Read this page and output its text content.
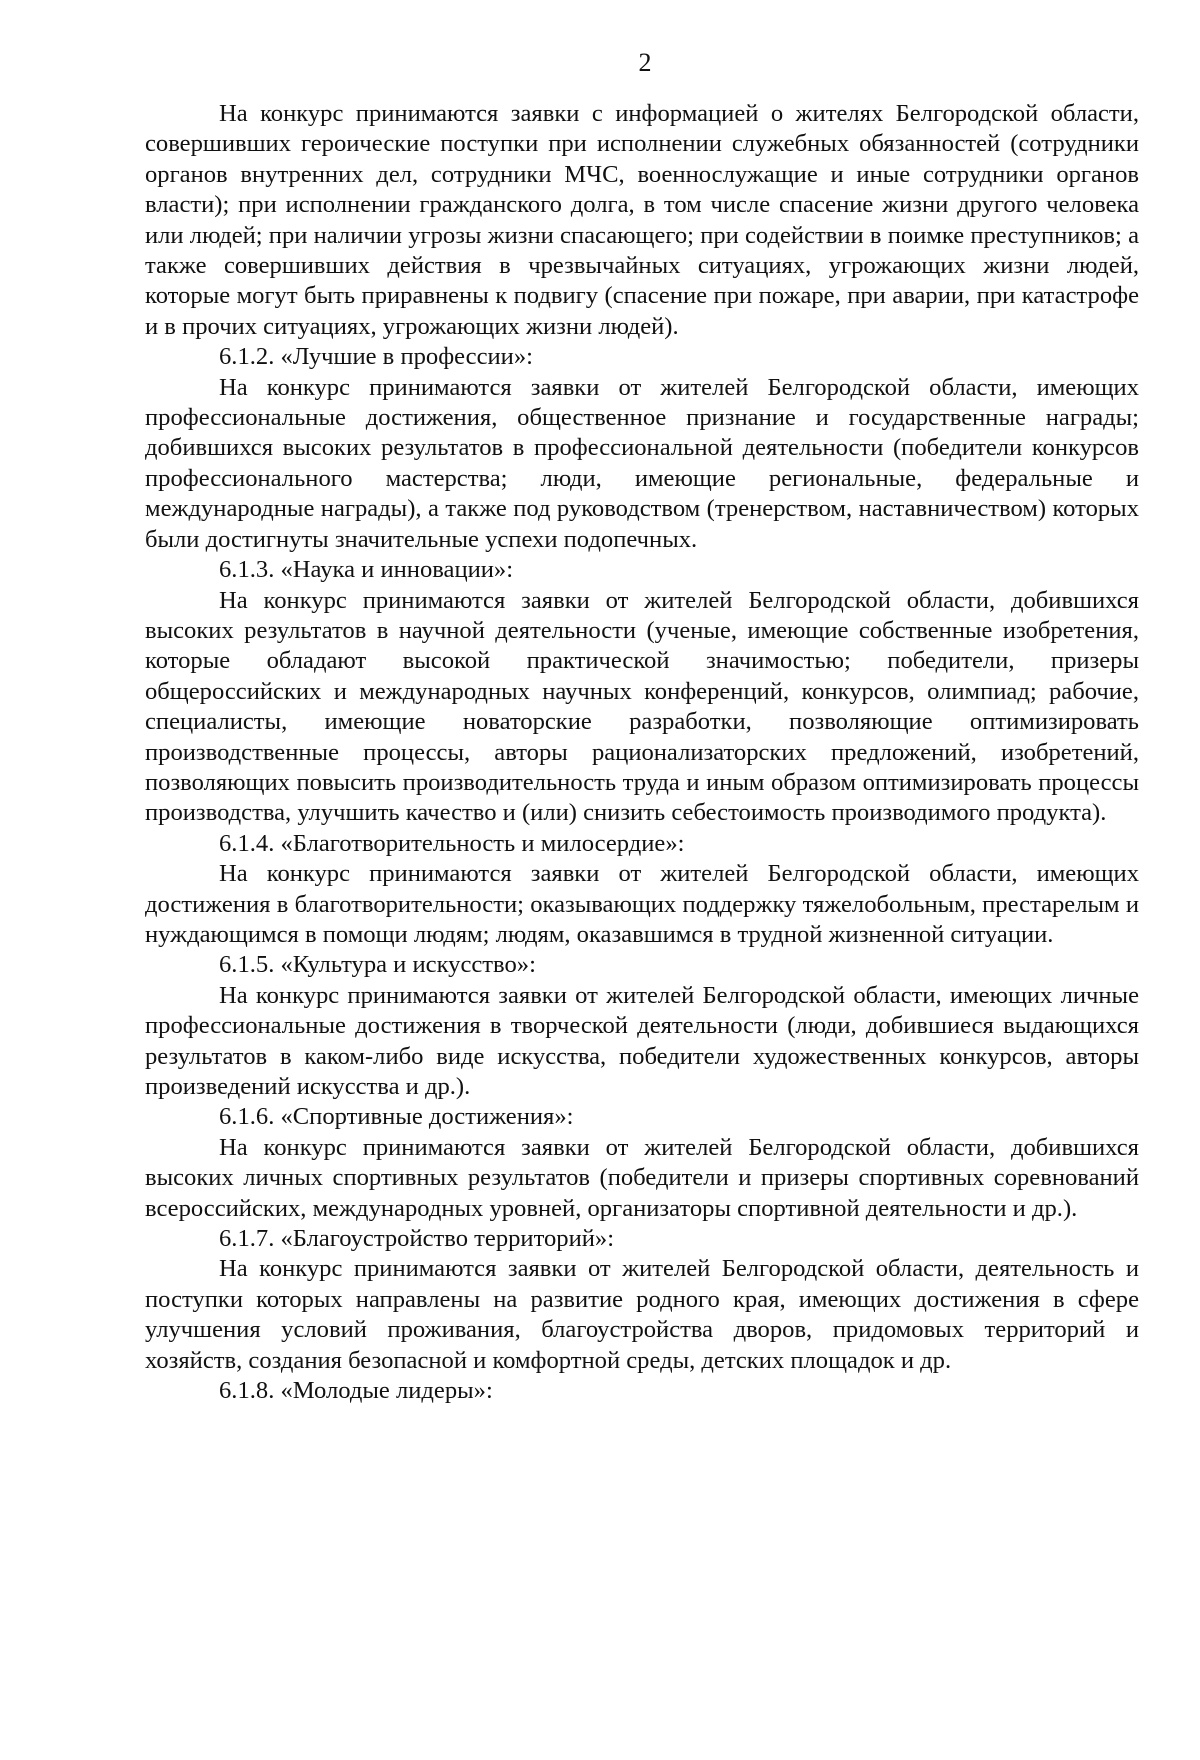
2

На конкурс принимаются заявки с информацией о жителях Белгородской области, совершивших героические поступки при исполнении служебных обязанностей (сотрудники органов внутренних дел, сотрудники МЧС, военнослужащие и иные сотрудники органов власти); при исполнении гражданского долга, в том числе спасение жизни другого человека или людей; при наличии угрозы жизни спасающего; при содействии в поимке преступников; а также совершивших действия в чрезвычайных ситуациях, угрожающих жизни людей, которые могут быть приравнены к подвигу (спасение при пожаре, при аварии, при катастрофе и в прочих ситуациях, угрожающих жизни людей).

6.1.2. «Лучшие в профессии»:

На конкурс принимаются заявки от жителей Белгородской области, имеющих профессиональные достижения, общественное признание и государственные награды; добившихся высоких результатов в профессиональной деятельности (победители конкурсов профессионального мастерства; люди, имеющие региональные, федеральные и международные награды), а также под руководством (тренерством, наставничеством) которых были достигнуты значительные успехи подопечных.

6.1.3. «Наука и инновации»:

На конкурс принимаются заявки от жителей Белгородской области, добившихся высоких результатов в научной деятельности (ученые, имеющие собственные изобретения, которые обладают высокой практической значимостью; победители, призеры общероссийских и международных научных конференций, конкурсов, олимпиад; рабочие, специалисты, имеющие новаторские разработки, позволяющие оптимизировать производственные процессы, авторы рационализаторских предложений, изобретений, позволяющих повысить производительность труда и иным образом оптимизировать процессы производства, улучшить качество и (или) снизить себестоимость производимого продукта).

6.1.4. «Благотворительность и милосердие»:

На конкурс принимаются заявки от жителей Белгородской области, имеющих достижения в благотворительности; оказывающих поддержку тяжелобольным, престарелым и нуждающимся в помощи людям; людям, оказавшимся в трудной жизненной ситуации.

6.1.5. «Культура и искусство»:

На конкурс принимаются заявки от жителей Белгородской области, имеющих личные профессиональные достижения в творческой деятельности (люди, добившиеся выдающихся результатов в каком-либо виде искусства, победители художественных конкурсов, авторы произведений искусства и др.).

6.1.6. «Спортивные достижения»:

На конкурс принимаются заявки от жителей Белгородской области, добившихся высоких личных спортивных результатов (победители и призеры спортивных соревнований всероссийских, международных уровней, организаторы спортивной деятельности и др.).

6.1.7. «Благоустройство территорий»:

На конкурс принимаются заявки от жителей Белгородской области, деятельность и поступки которых направлены на развитие родного края, имеющих достижения в сфере улучшения условий проживания, благоустройства дворов, придомовых территорий и хозяйств, создания безопасной и комфортной среды, детских площадок и др.

6.1.8. «Молодые лидеры»:
